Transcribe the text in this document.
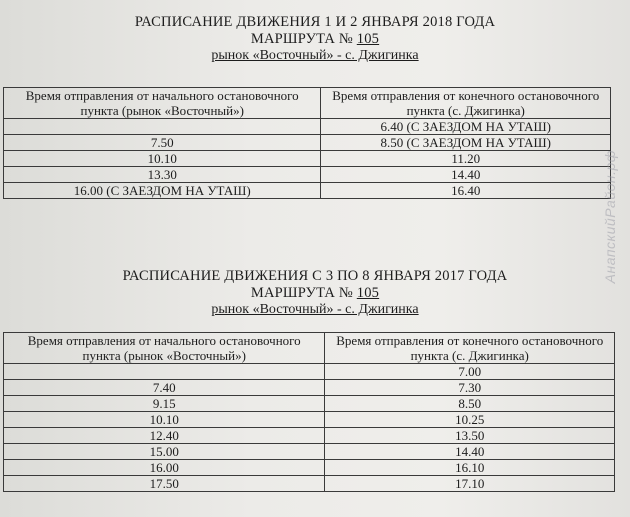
РАСПИСАНИЕ ДВИЖЕНИЯ 1 И 2 ЯНВАРЯ 2018 ГОДА
МАРШРУТА № 105
рынок «Восточный» - с. Джигинка
Время отправления от начального остановочного пункта (рынок «Восточный»)	Время отправления от конечного остановочного пункта (с. Джигинка)
	6.40 (С ЗАЕЗДОМ НА УТАШ)
7.50	8.50 (С ЗАЕЗДОМ НА УТАШ)
10.10	11.20
13.30	14.40
16.00 (С ЗАЕЗДОМ НА УТАШ)	16.40
РАСПИСАНИЕ ДВИЖЕНИЯ С 3 ПО 8 ЯНВАРЯ 2017 ГОДА
МАРШРУТА № 105
рынок «Восточный» - с. Джигинка
Время отправления от начального остановочного пункта (рынок «Восточный»)	Время отправления от конечного остановочного пункта (с. Джигинка)
	7.00
7.40	7.30
9.15	8.50
10.10	10.25
12.40	13.50
15.00	14.40
16.00	16.10
17.50	17.10
АнапскийРайон.рф
